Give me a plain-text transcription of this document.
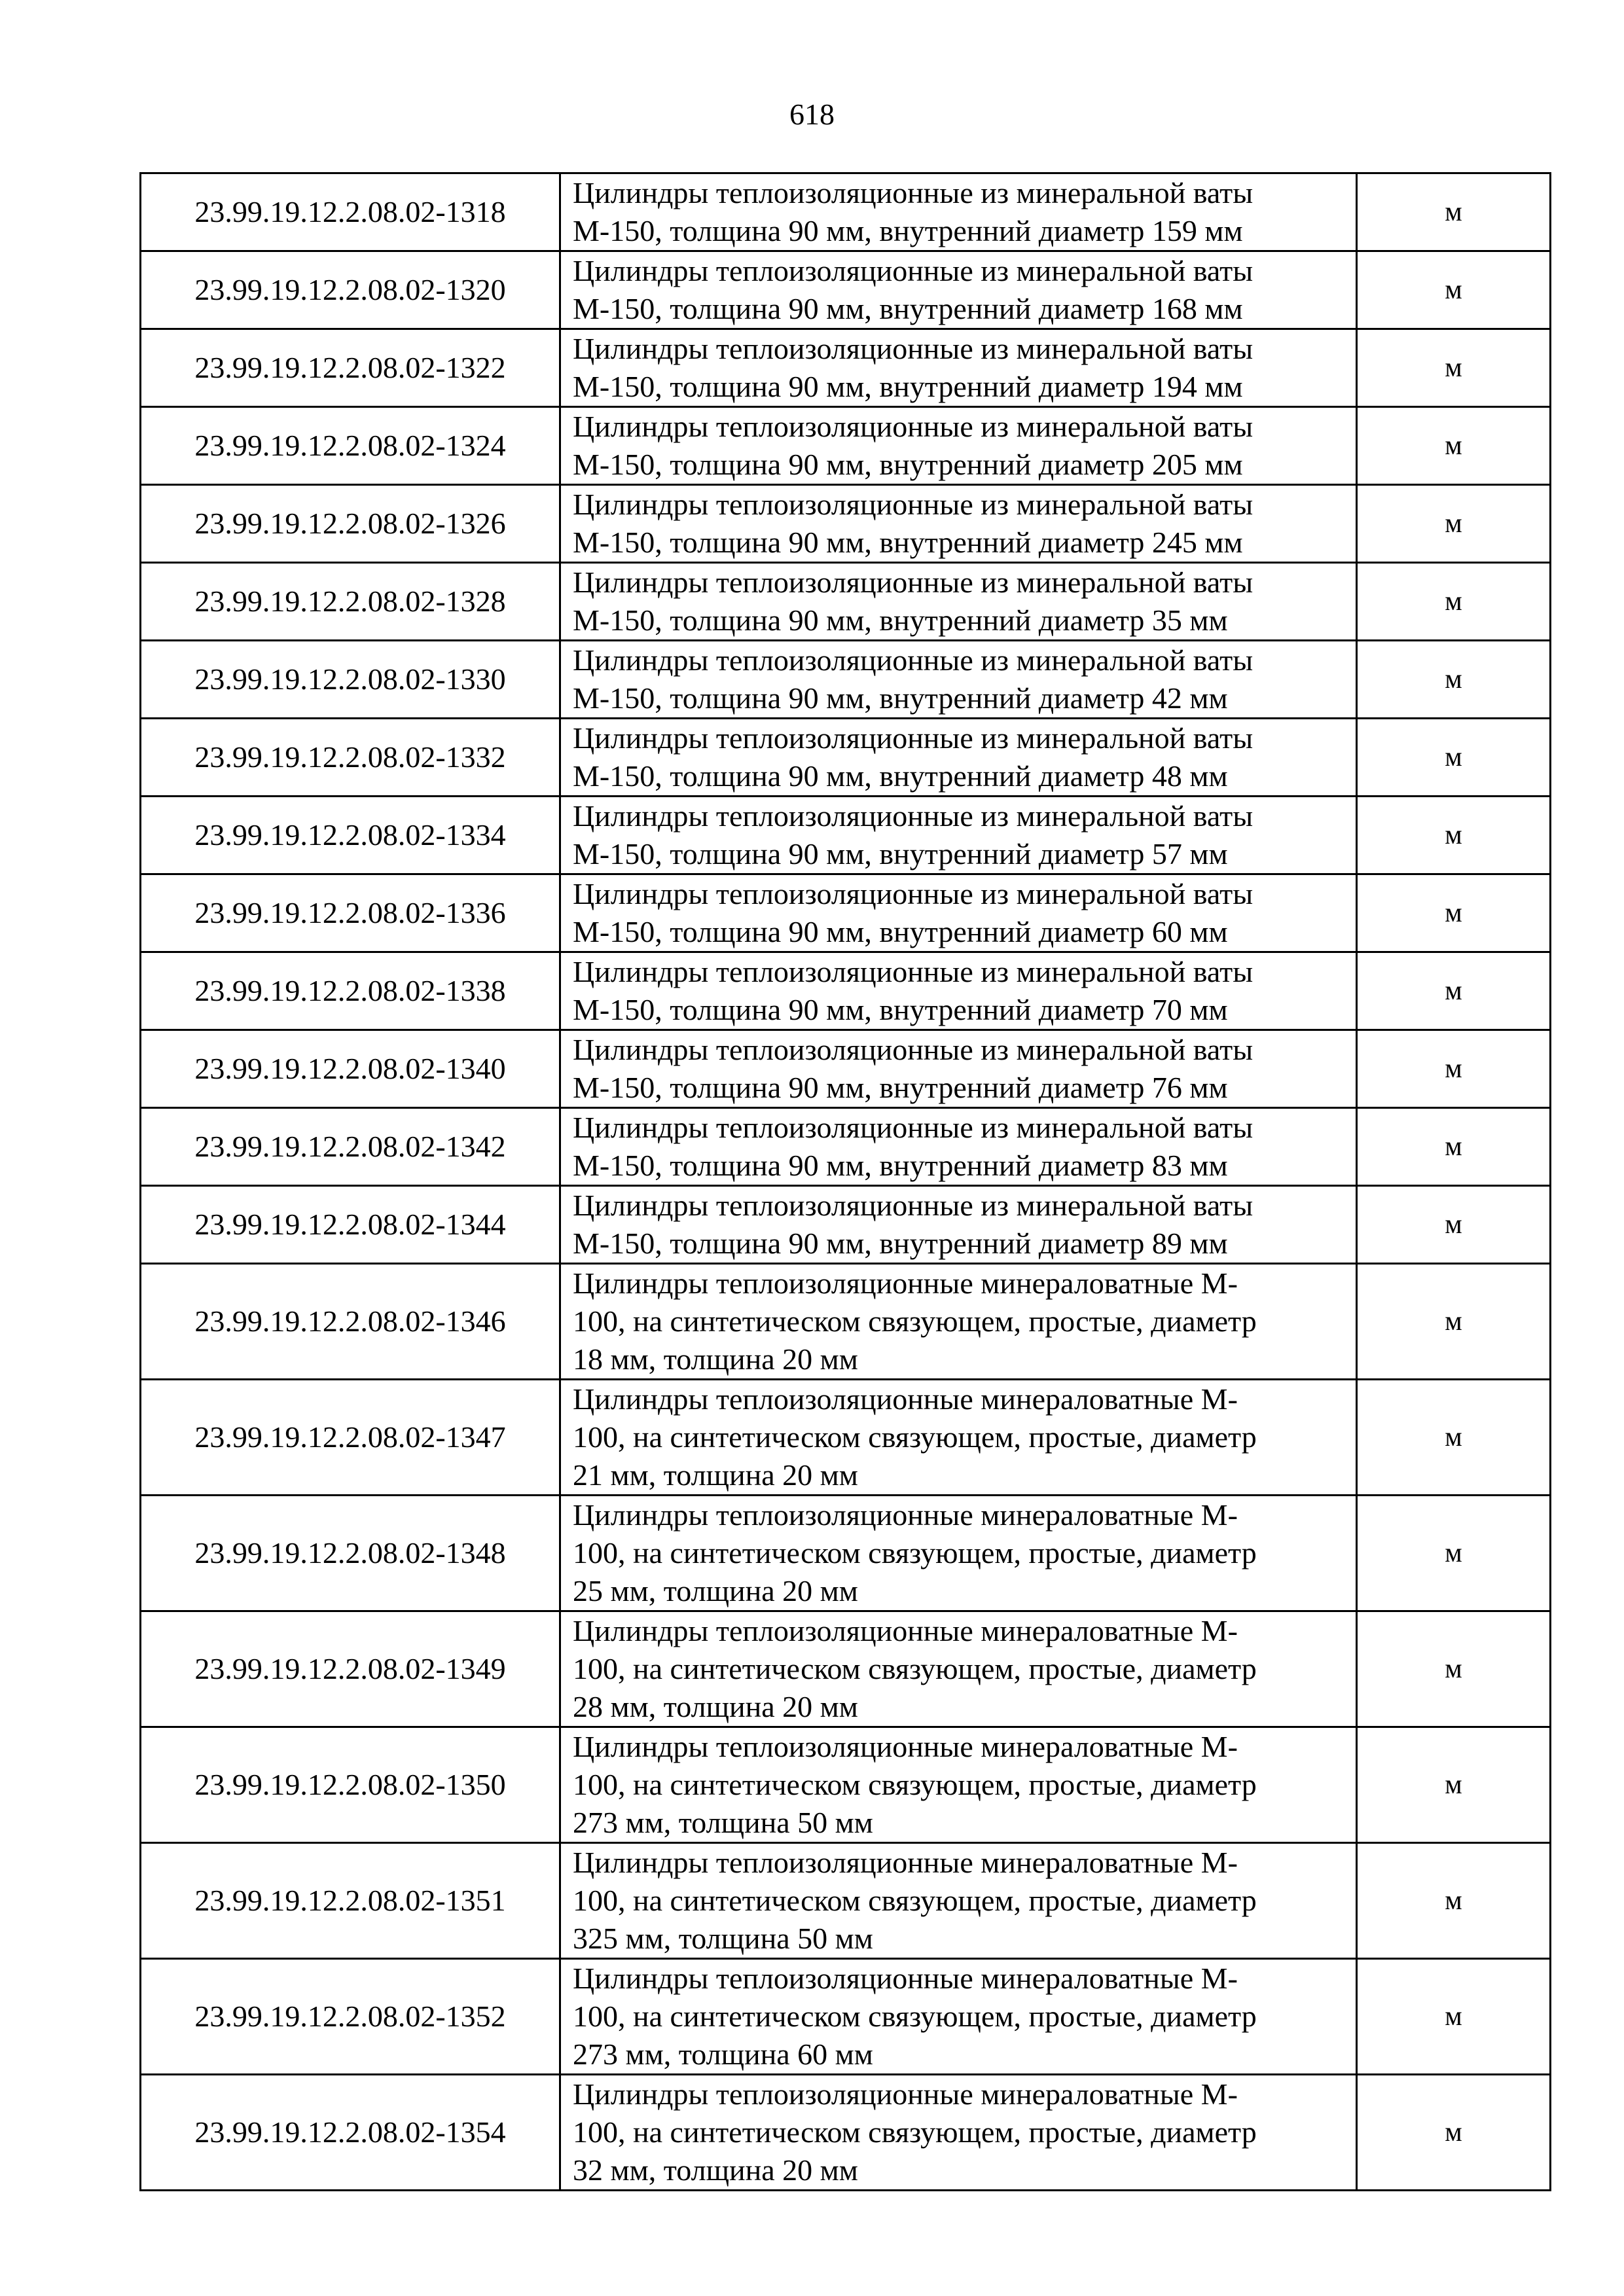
618
23.99.19.12.2.08.02-1318	Цилиндры теплоизоляционные из минеральной ваты
М-150, толщина 90 мм, внутренний диаметр 159 мм	м
23.99.19.12.2.08.02-1320	Цилиндры теплоизоляционные из минеральной ваты
М-150, толщина 90 мм, внутренний диаметр 168 мм	м
23.99.19.12.2.08.02-1322	Цилиндры теплоизоляционные из минеральной ваты
М-150, толщина 90 мм, внутренний диаметр 194 мм	м
23.99.19.12.2.08.02-1324	Цилиндры теплоизоляционные из минеральной ваты
М-150, толщина 90 мм, внутренний диаметр 205 мм	м
23.99.19.12.2.08.02-1326	Цилиндры теплоизоляционные из минеральной ваты
М-150, толщина 90 мм, внутренний диаметр 245 мм	м
23.99.19.12.2.08.02-1328	Цилиндры теплоизоляционные из минеральной ваты
М-150, толщина 90 мм, внутренний диаметр 35 мм	м
23.99.19.12.2.08.02-1330	Цилиндры теплоизоляционные из минеральной ваты
М-150, толщина 90 мм, внутренний диаметр 42 мм	м
23.99.19.12.2.08.02-1332	Цилиндры теплоизоляционные из минеральной ваты
М-150, толщина 90 мм, внутренний диаметр 48 мм	м
23.99.19.12.2.08.02-1334	Цилиндры теплоизоляционные из минеральной ваты
М-150, толщина 90 мм, внутренний диаметр 57 мм	м
23.99.19.12.2.08.02-1336	Цилиндры теплоизоляционные из минеральной ваты
М-150, толщина 90 мм, внутренний диаметр 60 мм	м
23.99.19.12.2.08.02-1338	Цилиндры теплоизоляционные из минеральной ваты
М-150, толщина 90 мм, внутренний диаметр 70 мм	м
23.99.19.12.2.08.02-1340	Цилиндры теплоизоляционные из минеральной ваты
М-150, толщина 90 мм, внутренний диаметр 76 мм	м
23.99.19.12.2.08.02-1342	Цилиндры теплоизоляционные из минеральной ваты
М-150, толщина 90 мм, внутренний диаметр 83 мм	м
23.99.19.12.2.08.02-1344	Цилиндры теплоизоляционные из минеральной ваты
М-150, толщина 90 мм, внутренний диаметр 89 мм	м
23.99.19.12.2.08.02-1346	Цилиндры теплоизоляционные минераловатные М-
100, на синтетическом связующем, простые, диаметр
18 мм, толщина 20 мм	м
23.99.19.12.2.08.02-1347	Цилиндры теплоизоляционные минераловатные М-
100, на синтетическом связующем, простые, диаметр
21 мм, толщина 20 мм	м
23.99.19.12.2.08.02-1348	Цилиндры теплоизоляционные минераловатные М-
100, на синтетическом связующем, простые, диаметр
25 мм, толщина 20 мм	м
23.99.19.12.2.08.02-1349	Цилиндры теплоизоляционные минераловатные М-
100, на синтетическом связующем, простые, диаметр
28 мм, толщина 20 мм	м
23.99.19.12.2.08.02-1350	Цилиндры теплоизоляционные минераловатные М-
100, на синтетическом связующем, простые, диаметр
273 мм, толщина 50 мм	м
23.99.19.12.2.08.02-1351	Цилиндры теплоизоляционные минераловатные М-
100, на синтетическом связующем, простые, диаметр
325 мм, толщина 50 мм	м
23.99.19.12.2.08.02-1352	Цилиндры теплоизоляционные минераловатные М-
100, на синтетическом связующем, простые, диаметр
273 мм, толщина 60 мм	м
23.99.19.12.2.08.02-1354	Цилиндры теплоизоляционные минераловатные М-
100, на синтетическом связующем, простые, диаметр
32 мм, толщина 20 мм	м
